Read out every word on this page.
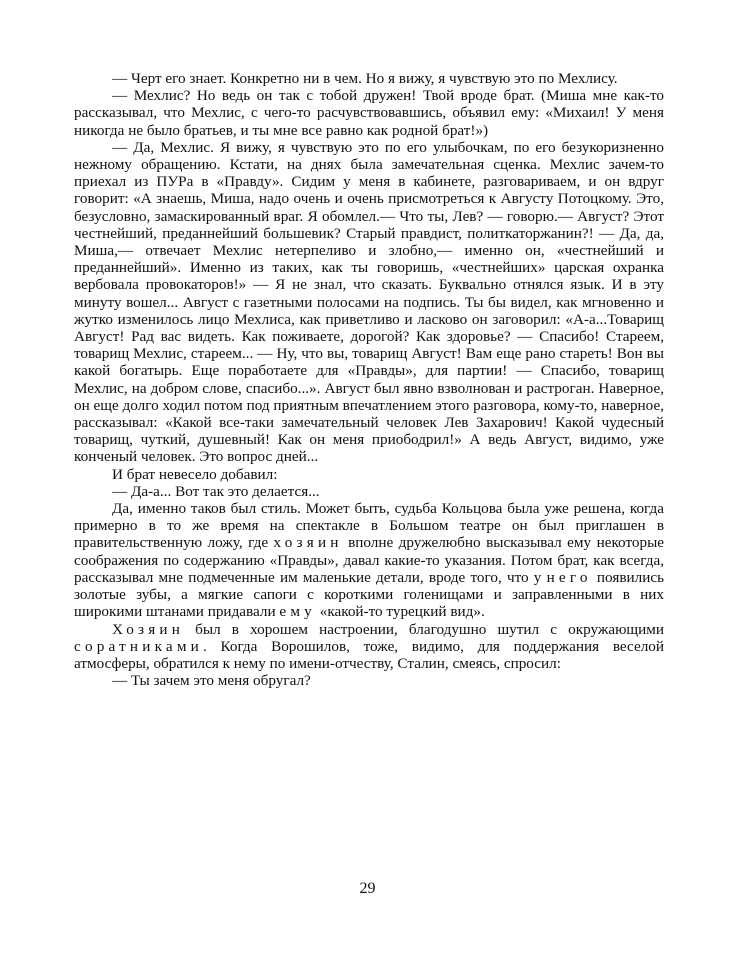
— Черт его знает. Конкретно ни в чем. Но я вижу, я чувствую это по Мехлису.

— Мехлис? Но ведь он так с тобой дружен! Твой вроде брат. (Миша мне как-то рассказывал, что Мехлис, с чего-то расчувствовавшись, объявил ему: «Михаил! У меня никогда не было братьев, и ты мне все равно как родной брат!»)

— Да, Мехлис. Я вижу, я чувствую это по его улыбочкам, по его безукоризненно нежному обращению. Кстати, на днях была замечательная сценка. Мехлис зачем-то приехал из ПУРа в «Правду». Сидим у меня в кабинете, разговариваем, и он вдруг говорит: «А знаешь, Миша, надо очень и очень присмотреться к Августу Потоцкому. Это, безусловно, замаскированный враг. Я обомлел.— Что ты, Лев? — говорю.— Август? Этот честнейший, преданнейший большевик? Старый правдист, политкаторжанин?! — Да, да, Миша,— отвечает Мехлис нетерпеливо и злобно,— именно он, «честнейший и преданнейший». Именно из таких, как ты говоришь, «честнейших» царская охранка вербовала провокаторов!» — Я не знал, что сказать. Буквально отнялся язык. И в эту минуту вошел... Август с газетными полосами на подпись. Ты бы видел, как мгновенно и жутко изменилось лицо Мехлиса, как приветливо и ласково он заговорил: «А-а...Товарищ Август! Рад вас видеть. Как поживаете, дорогой? Как здоровье? — Спасибо! Стареем, товарищ Мехлис, стареем... — Ну, что вы, товарищ Август! Вам еще рано стареть! Вон вы какой богатырь. Еще поработаете для «Правды», для партии! — Спасибо, товарищ Мехлис, на добром слове, спасибо...». Август был явно взволнован и растроган. Наверное, он еще долго ходил потом под приятным впечатлением этого разговора, кому-то, наверное, рассказывал: «Какой все-таки замечательный человек Лев Захарович! Какой чудесный товарищ, чуткий, душевный! Как он меня приободрил!» А ведь Август, видимо, уже конченый человек. Это вопрос дней...

И брат невесело добавил:

— Да-а... Вот так это делается...

Да, именно таков был стиль. Может быть, судьба Кольцова была уже решена, когда примерно в то же время на спектакле в Большом театре он был приглашен в правительственную ложу, где хозяин вполне дружелюбно высказывал ему некоторые соображения по содержанию «Правды», давал какие-то указания. Потом брат, как всегда, рассказывал мне подмеченные им маленькие детали, вроде того, что у него появились золотые зубы, а мягкие сапоги с короткими голенищами и заправленными в них широкими штанами придавали ему «какой-то турецкий вид».

Хозяин был в хорошем настроении, благодушно шутил с окружающими соратниками. Когда Ворошилов, тоже, видимо, для поддержания веселой атмосферы, обратился к нему по имени-отчеству, Сталин, смеясь, спросил:

— Ты зачем это меня обругал?

29
